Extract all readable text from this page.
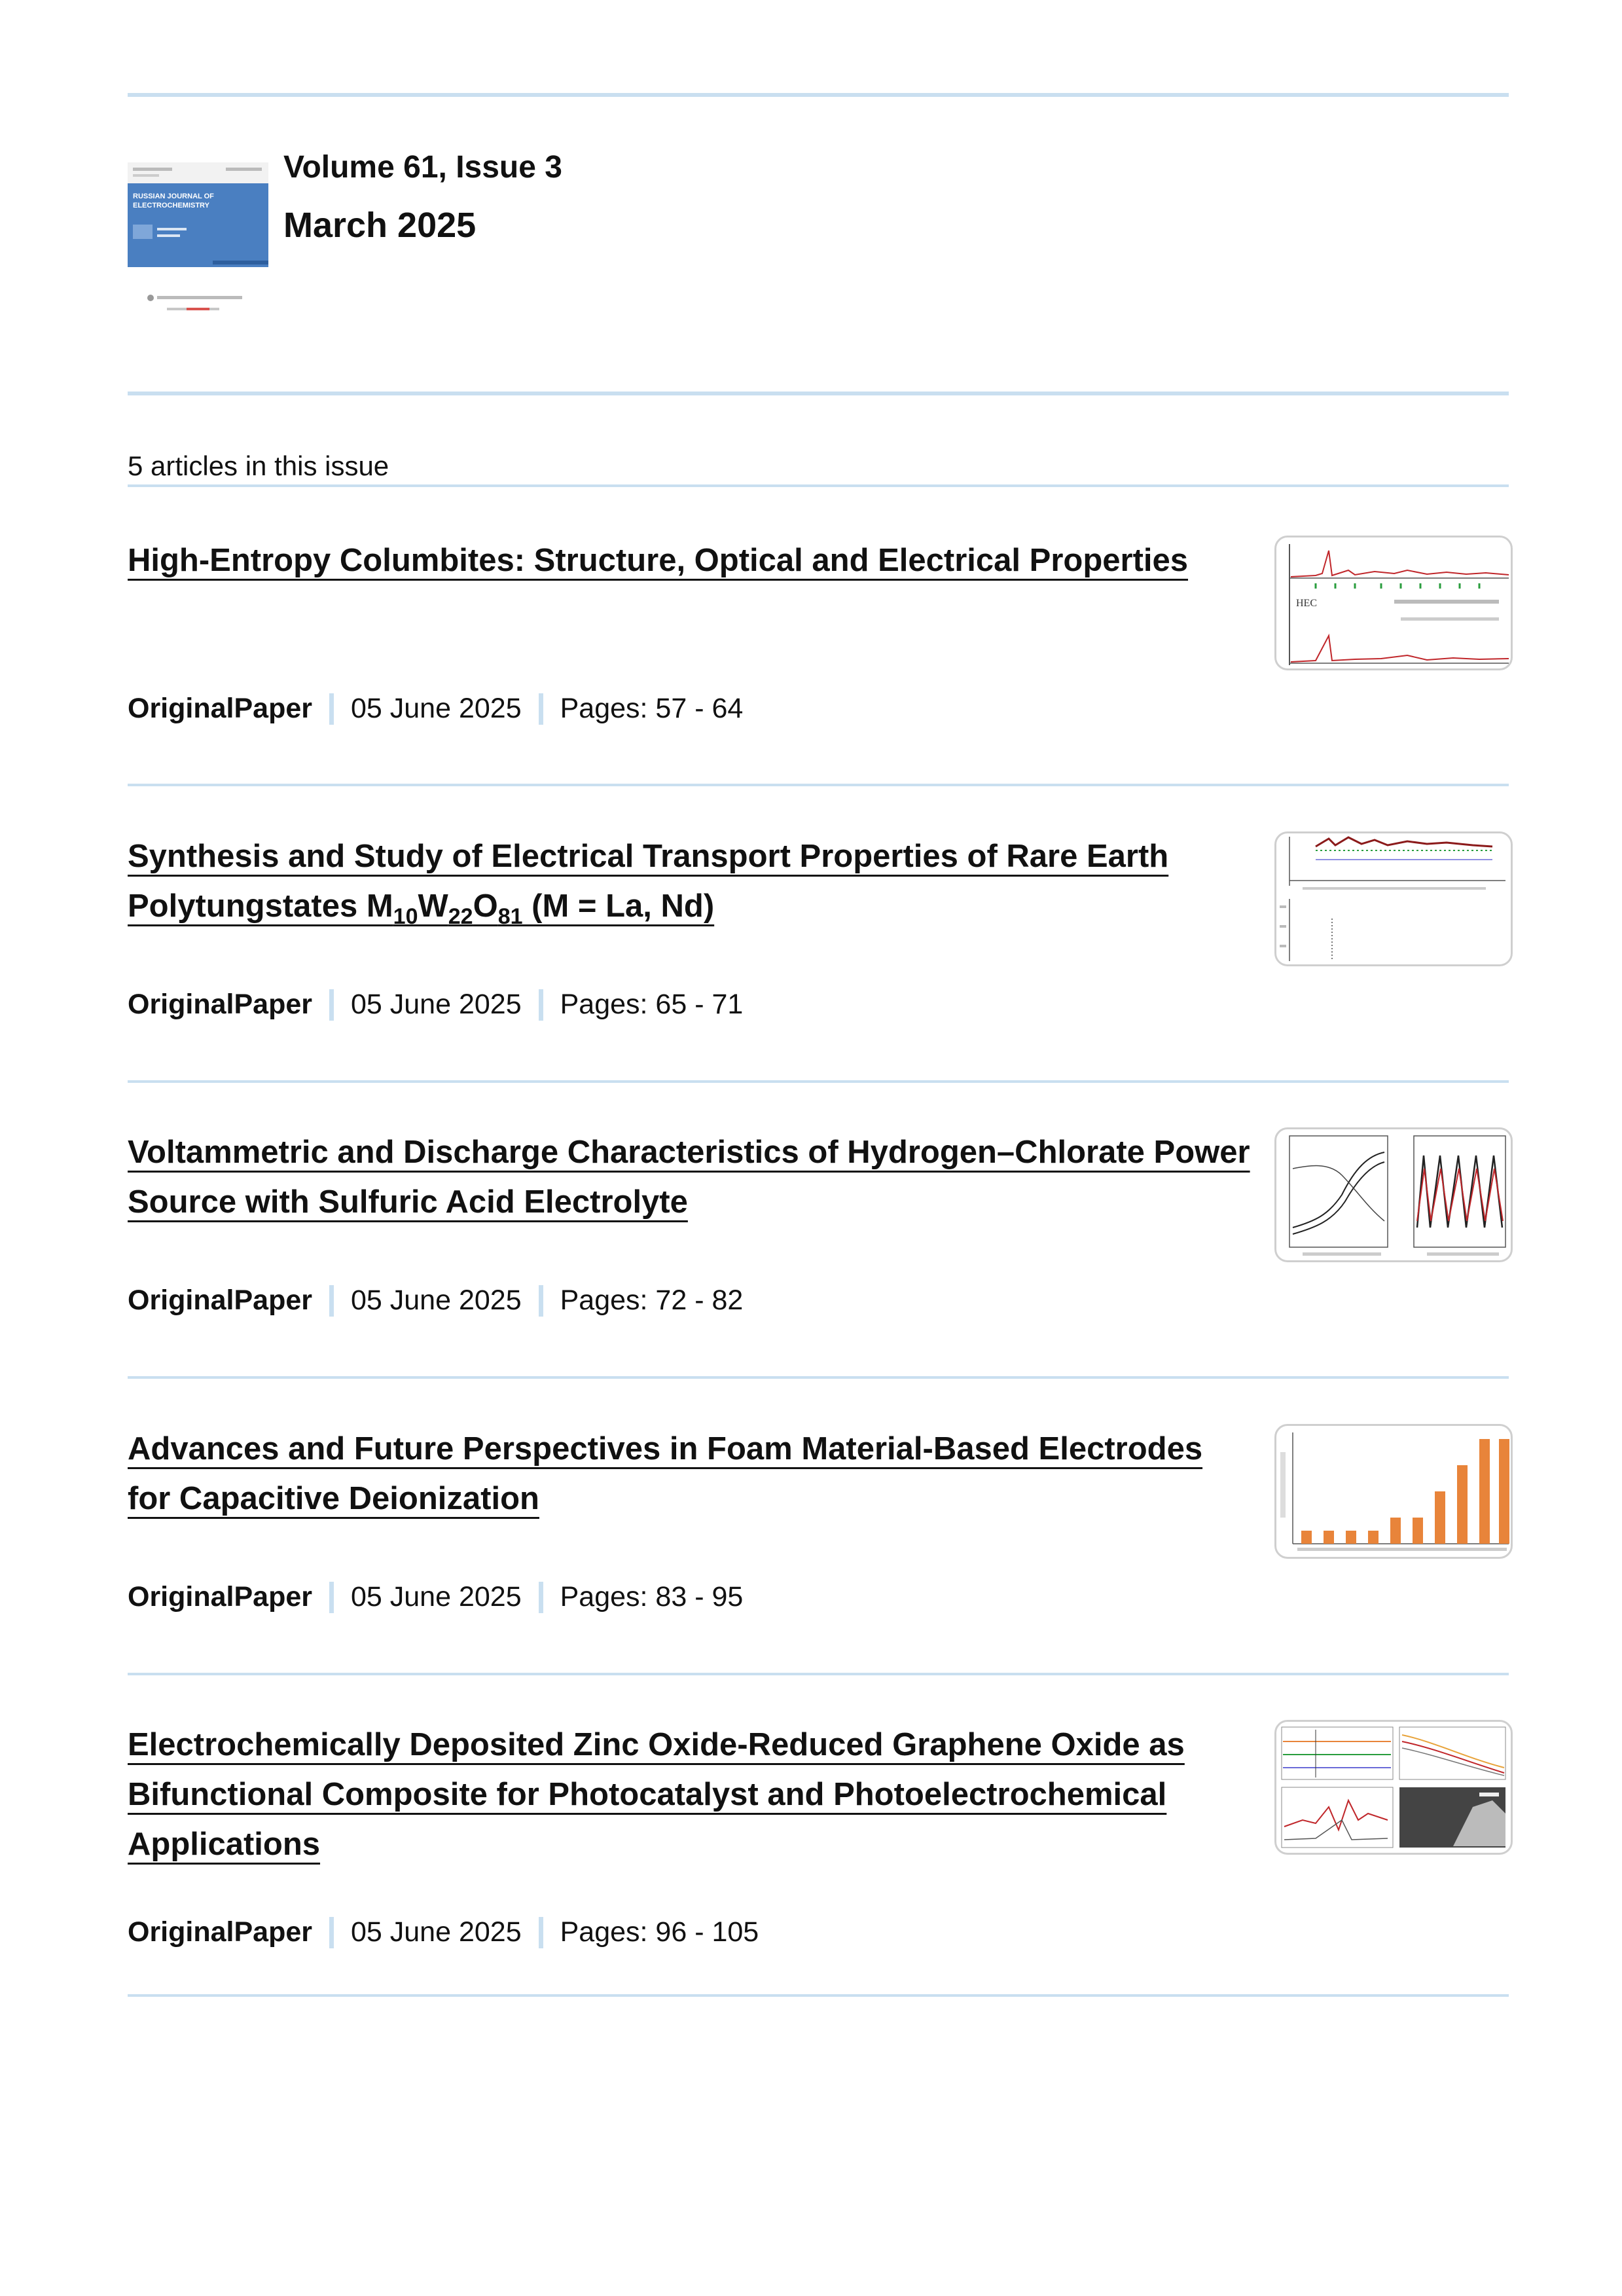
RUSSIAN JOURNAL OF
ELECTROCHEMISTRY
Volume 61, Issue 3
March 2025
5 articles in this issue
High-Entropy Columbites: Structure, Optical and Electrical Properties
OriginalPaper 05 June 2025 Pages: 57 - 64
HEC
Synthesis and Study of Electrical Transport Properties of Rare Earth Polytungstates $M_{10}W_{22}O_{81}$ (M = La, Nd)
OriginalPaper 05 June 2025 Pages: 65 - 71
Voltammetric and Discharge Characteristics of Hydrogen–Chlorate Power Source with Sulfuric Acid Electrolyte
OriginalPaper 05 June 2025 Pages: 72 - 82
Advances and Future Perspectives in Foam Material-Based Electrodes for Capacitive Deionization
OriginalPaper 05 June 2025 Pages: 83 - 95
Electrochemically Deposited Zinc Oxide-Reduced Graphene Oxide as Bifunctional Composite for Photocatalyst and Photoelectrochemical Applications
OriginalPaper 05 June 2025 Pages: 96 - 105
